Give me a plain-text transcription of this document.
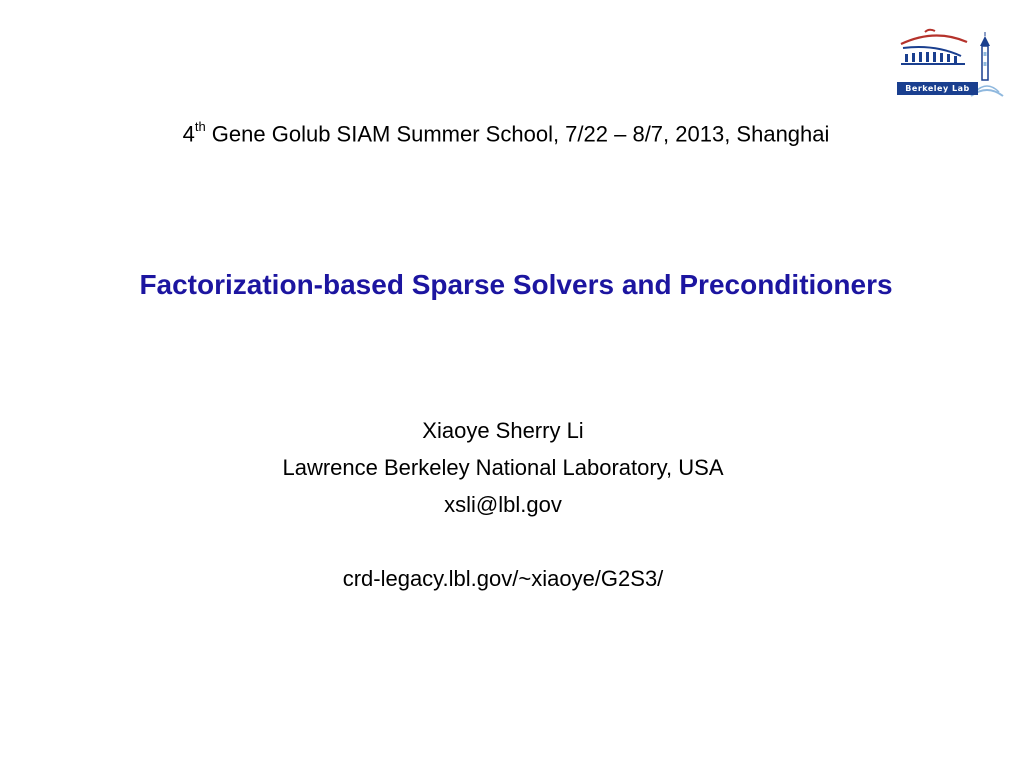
Berkeley Lab
4th Gene Golub SIAM Summer School, 7/22 – 8/7, 2013, Shanghai
Factorization-based Sparse Solvers and Preconditioners
Xiaoye Sherry Li
Lawrence Berkeley National Laboratory, USA
xsli@lbl.gov
crd-legacy.lbl.gov/~xiaoye/G2S3/
